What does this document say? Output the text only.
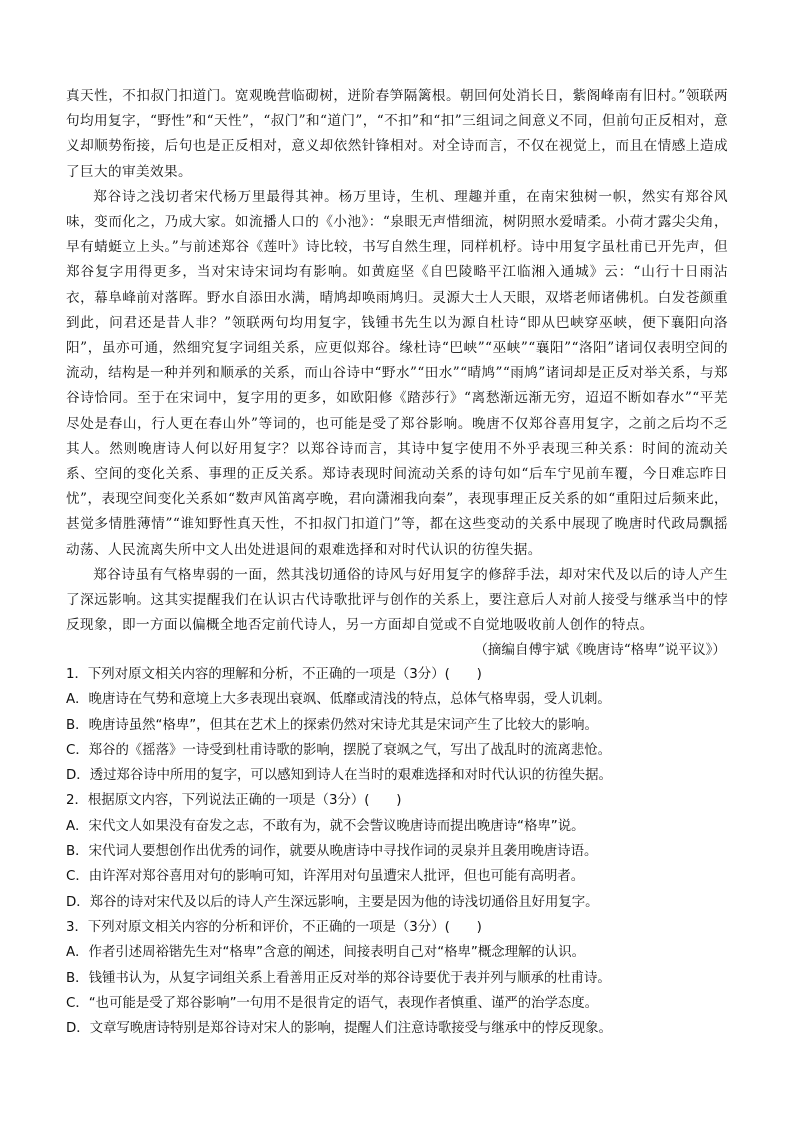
真天性，不扣叔门扣道门。宽观晚营临砌树，迸阶春笋隔篱根。朝回何处消长日，紫阁峰南有旧村。”领联两句均用复字，“野性”和“天性”，“叔门”和“道门”，“不扣”和“扣”三组词之间意义不同，但前句正反相对，意义却顺势衔接，后句也是正反相对，意义却依然针锋相对。对全诗而言，不仅在视觉上，而且在情感上造成了巨大的审美效果。

郑谷诗之浅切者宋代杨万里最得其神。杨万里诗，生机、理趣并重，在南宋独树一帜，然实有郑谷风味，变而化之，乃成大家。如流播人口的《小池》：“泉眼无声惜细流，树阴照水爱晴柔。小荷才露尖尖角，早有蜻蜓立上头。”与前述郑谷《莲叶》诗比较，书写自然生理，同样机杼。诗中用复字虽杜甫已开先声，但郑谷复字用得更多，当对宋诗宋词均有影响。如黄庭坚《自巴陵略平江临湘入通城》云：“山行十日雨沾衣，幕阜峰前对落晖。野水自添田水满，晴鸠却唤雨鸠归。灵源大士人天眼，双塔老师诸佛机。白发苍颜重到此，问君还是昔人非？”领联两句均用复字，钱锺书先生以为源自杜诗“即从巴峡穿巫峡，便下襄阳向洛阳”，虽亦可通，然细究复字词组关系，应更似郑谷。缘杜诗“巴峡”“巫峡”“襄阳”“洛阳”诸词仅表明空间的流动，结构是一种并列和顺承的关系，而山谷诗中“野水”“田水”“晴鸠”“雨鸠”诸词却是正反对举关系，与郑谷诗恰同。至于在宋词中，复字用的更多，如欧阳修《踏莎行》“离愁渐远渐无穷，迢迢不断如春水”“平芜尽处是春山，行人更在春山外”等词的，也可能是受了郑谷影响。晚唐不仅郑谷喜用复字，之前之后均不乏其人。然则晚唐诗人何以好用复字？以郑谷诗而言，其诗中复字使用不外乎表现三种关系：时间的流动关系、空间的变化关系、事理的正反关系。郑诗表现时间流动关系的诗句如“后车宁见前车覆，今日难忘昨日忧”，表现空间变化关系如“数声风笛离亭晚，君向潇湘我向秦”，表现事理正反关系的如“重阳过后频来此，甚觉多情胜薄情”“谁知野性真天性，不扣叔门扣道门”等，都在这些变动的关系中展现了晚唐时代政局飘摇动荡、人民流离失所中文人出处进退间的艰难选择和对时代认识的彷徨失据。

郑谷诗虽有气格卑弱的一面，然其浅切通俗的诗风与好用复字的修辞手法，却对宋代及以后的诗人产生了深远影响。这其实提醒我们在认识古代诗歌批评与创作的关系上，要注意后人对前人接受与继承当中的悖反现象，即一方面以偏概全地否定前代诗人，另一方面却自觉或不自觉地吸收前人创作的特点。

（摘编自傅宇斌《晚唐诗“格卑”说平议》）

1．下列对原文相关内容的理解和分析，不正确的一项是（3分）(　　)

A．晚唐诗在气势和意境上大多表现出衰飒、低靡或清浅的特点，总体气格卑弱，受人讥刺。

B．晚唐诗虽然“格卑”，但其在艺术上的探索仍然对宋诗尤其是宋词产生了比较大的影响。

C．郑谷的《摇落》一诗受到杜甫诗歌的影响，摆脱了衰飒之气，写出了战乱时的流离悲怆。

D．透过郑谷诗中所用的复字，可以感知到诗人在当时的艰难选择和对时代认识的彷徨失据。

2．根据原文内容，下列说法正确的一项是（3分）(　　)

A．宋代文人如果没有奋发之志，不敢有为，就不会訾议晚唐诗而提出晚唐诗“格卑”说。

B．宋代词人要想创作出优秀的词作，就要从晚唐诗中寻找作词的灵泉并且袭用晚唐诗语。

C．由许浑对郑谷喜用对句的影响可知，许浑用对句虽遭宋人批评，但也可能有高明者。

D．郑谷的诗对宋代及以后的诗人产生深远影响，主要是因为他的诗浅切通俗且好用复字。

3．下列对原文相关内容的分析和评价，不正确的一项是（3分）(　　)

A．作者引述周裕锴先生对“格卑”含意的阐述，间接表明自己对“格卑”概念理解的认识。

B．钱锺书认为，从复字词组关系上看善用正反对举的郑谷诗要优于表并列与顺承的杜甫诗。

C．“也可能是受了郑谷影响”一句用不是很肯定的语气，表现作者慎重、谨严的治学态度。

D．文章写晚唐诗特别是郑谷诗对宋人的影响，提醒人们注意诗歌接受与继承中的悖反现象。
